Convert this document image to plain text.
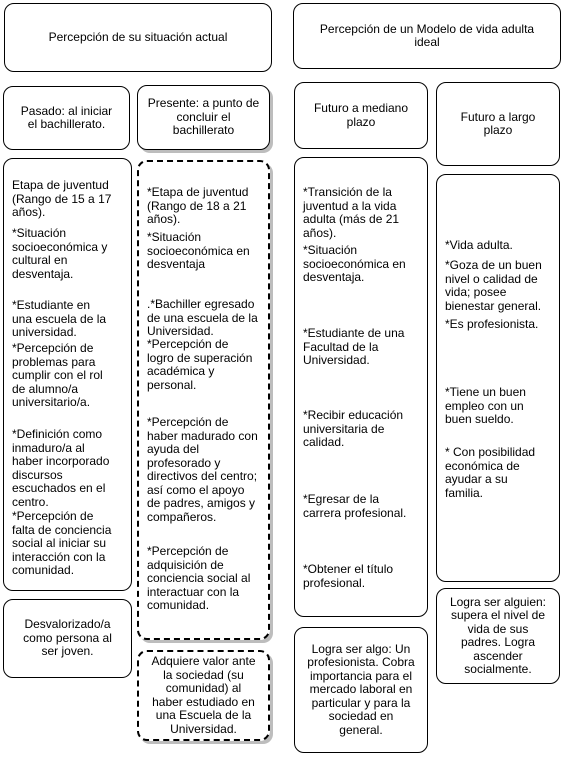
Percepción de su situación actual

Percepción de un Modelo de vida adulta
ideal

Pasado: al iniciar
el bachillerato.

Etapa de juventud
(Rango de 15 a 17
años).

*Situación
socioeconómica y
cultural en
desventaja.

*Estudiante en
una escuela de la
universidad.

*Percepción de
problemas para
cumplir con el rol
de alumno/a
universitario/a.

*Definición como
inmaduro/a al
haber incorporado
discursos
escuchados en el
centro.

*Percepción de
falta de conciencia
social al iniciar su
interacción con la
comunidad.

Desvalorizado/a
como persona al
ser joven.

Presente: a punto de
concluir el
bachillerato

*Etapa de juventud
(Rango de 18 a 21
años).

*Situación
socioeconómica en
desventaja

.*Bachiller egresado
de una escuela de la
Universidad.

*Percepción de
logro de superación
académica y
personal.

*Percepción de
haber madurado con
ayuda del
profesorado y
directivos del centro;
así como el apoyo
de padres, amigos y
compañeros.

*Percepción de
adquisición de
conciencia social al
interactuar con la
comunidad.

Adquiere valor ante
la sociedad (su
comunidad) al
haber estudiado en
una Escuela de la
Universidad.

Futuro a mediano
plazo

*Transición de la
juventud a la vida
adulta (más de 21
años).

*Situación
socioeconómica en
desventaja.

*Estudiante de una
Facultad de la
Universidad.

*Recibir educación
universitaria de
calidad.

*Egresar de la
carrera profesional.

*Obtener el título
profesional.

Logra ser algo: Un
profesionista. Cobra
importancia para el
mercado laboral en
particular y para la
sociedad en
general.

Futuro a largo
plazo

*Vida adulta.

*Goza de un buen
nivel o calidad de
vida; posee
bienestar general.

*Es profesionista.

*Tiene un buen
empleo con un
buen sueldo.

* Con posibilidad
económica de
ayudar a su
familia.

Logra ser alguien:
supera el nivel de
vida de sus
padres. Logra
ascender
socialmente.
